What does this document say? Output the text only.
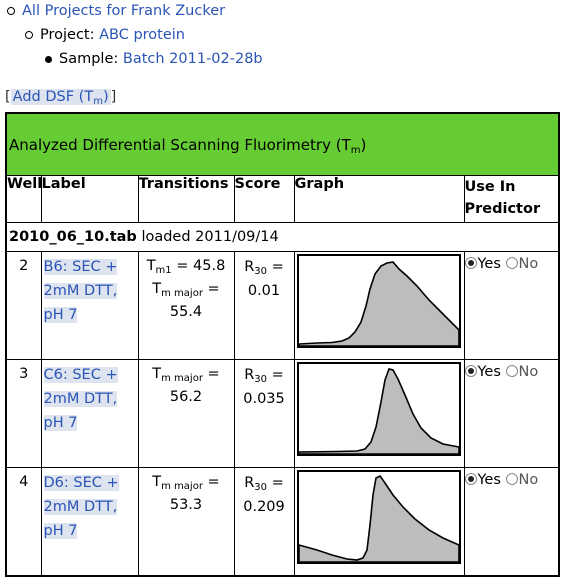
All Projects for Frank Zucker
Project: ABC protein
Sample: Batch 2011-02-28b
[ Add DSF $(T_m)$ ]
Analyzed Differential Scanning Fluorimetry $(T_m)$					
Well	Label	Transitions	Score	Graph	Use In Predictor
2010_06_10.tab loaded 2011/09/14					
2	B6: SEC +
2mM DTT,
pH 7	$T_{m1} = 45.8$
$T_{m major}$ =
55.4	$R_{30}$ =
0.01		Yes No
3	C6: SEC +
2mM DTT,
pH 7	$T_{m major}$ =
56.2	$R_{30}$ =
0.035		Yes No
4	D6: SEC +
2mM DTT,
pH 7	$T_{m major}$ =
53.3	$R_{30}$ =
0.209		Yes No
